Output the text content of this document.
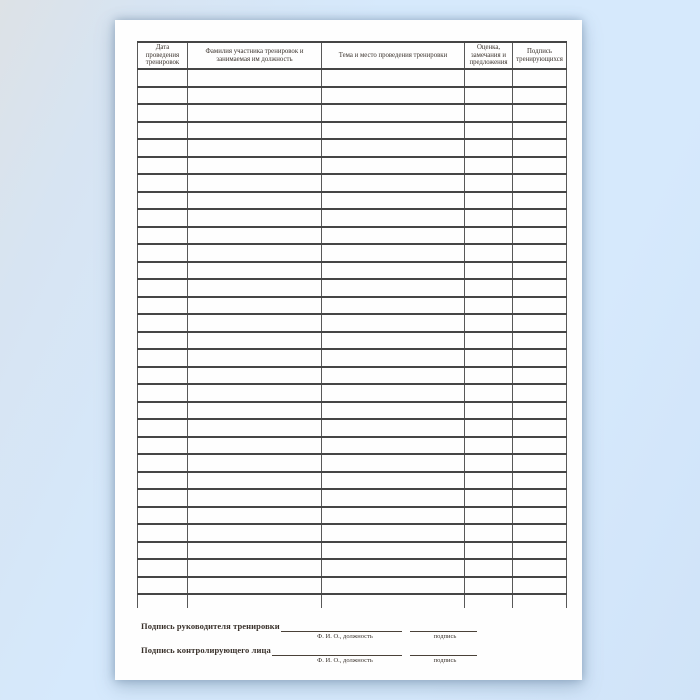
Дата проведения тренировок	Фамилия участника тренировок и занимаемая им должность	Тема и место проведения тренировки	Оценка, замечания и предложения	Подпись тренирующихся

Подпись руководителя тренировки
Ф. И. О., должность	подпись
Подпись контролирующего лица
Ф. И. О., должность	подпись
